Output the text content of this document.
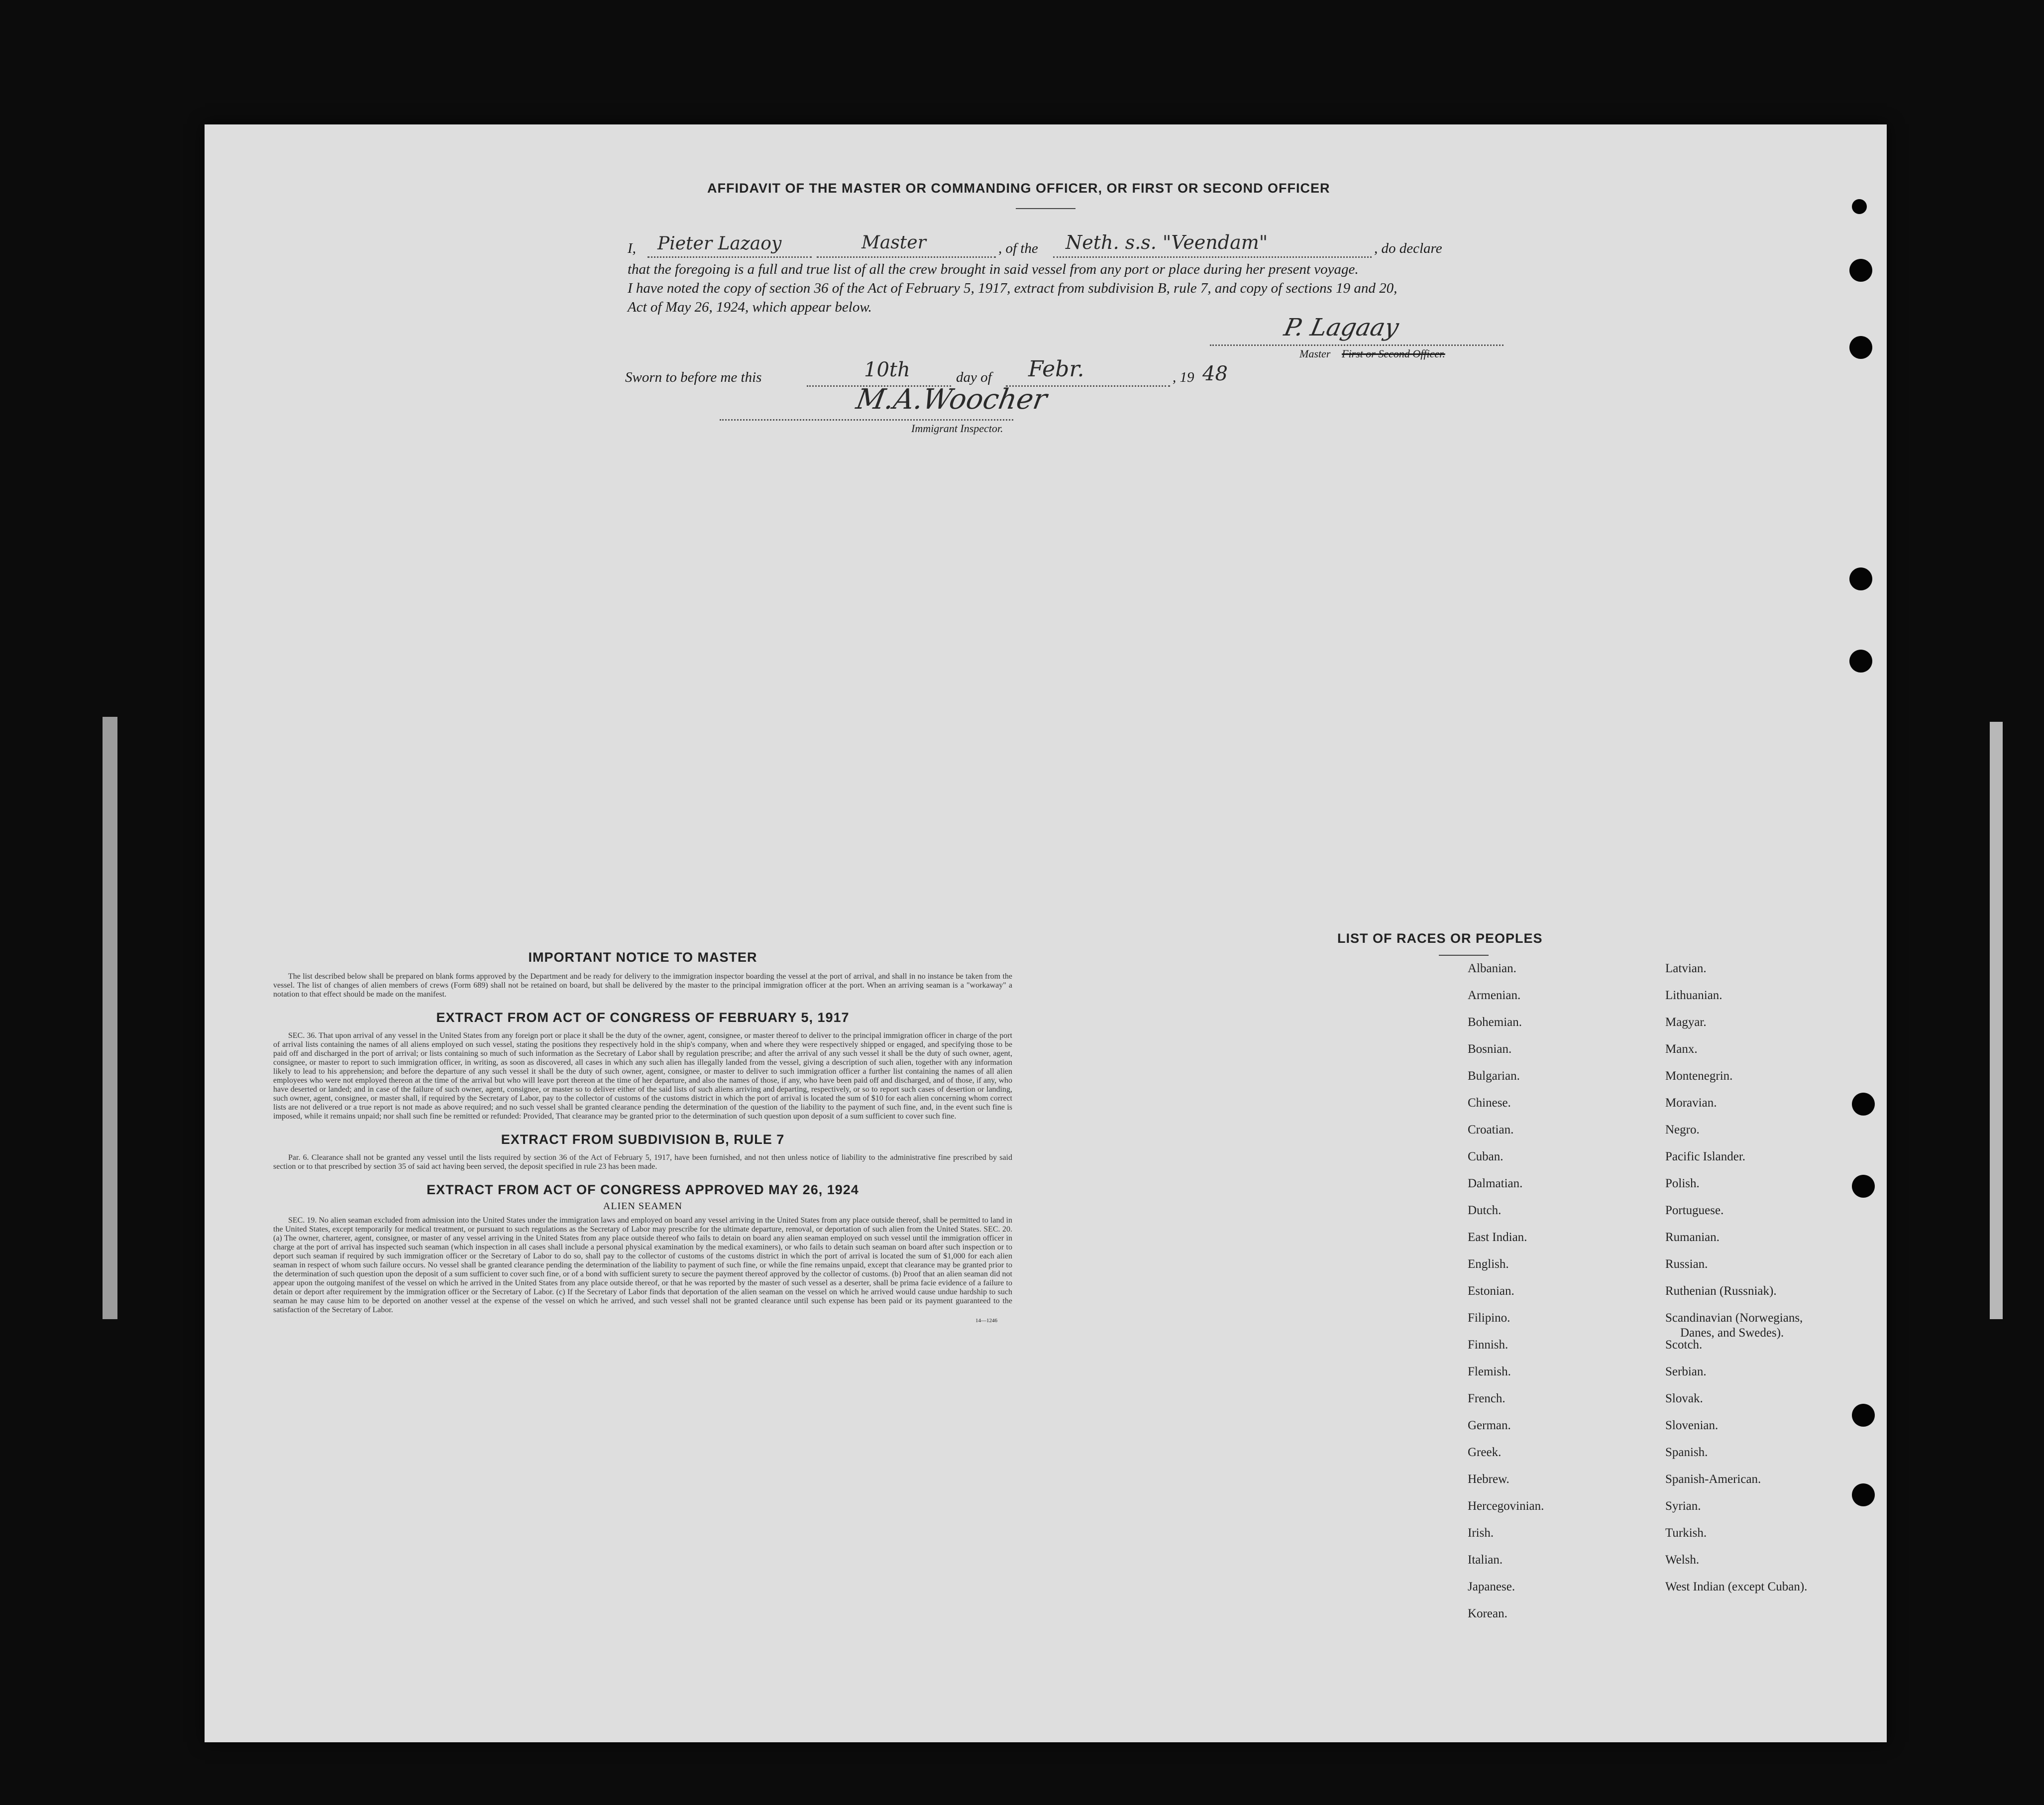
AFFIDAVIT OF THE MASTER OR COMMANDING OFFICER, OR FIRST OR SECOND OFFICER
I, Pieter Lazaoy	Master	, of the Neth. s.s. "Veendam"	, do declare
that the foregoing is a full and true list of all the crew brought in said vessel from any port or place during her present voyage.
I have noted the copy of section 36 of the Act of February 5, 1917, extract from subdivision B, rule 7, and copy of sections 19 and 20,
Act of May 26, 1924, which appear below.
P. Lagaay
Master First or Second Officer.
Sworn to before me this	10th	day of Febr.	, 19 48
M.A.Woocher
Immigrant Inspector.
IMPORTANT NOTICE TO MASTER

The list described below shall be prepared on blank forms approved by the Department and be ready for delivery to the immigration inspector boarding the vessel at the port of arrival, and shall in no instance be taken from the vessel. The list of changes of alien members of crews (Form 689) shall not be retained on board, but shall be delivered by the master to the principal immigration officer at the port. When an arriving seaman is a "workaway" a notation to that effect should be made on the manifest.

EXTRACT FROM ACT OF CONGRESS OF FEBRUARY 5, 1917

SEC. 36. That upon arrival of any vessel in the United States from any foreign port or place it shall be the duty of the owner, agent, consignee, or master thereof to deliver to the principal immigration officer in charge of the port of arrival lists containing the names of all aliens employed on such vessel, stating the positions they respectively hold in the ship's company, when and where they were respectively shipped or engaged, and specifying those to be paid off and discharged in the port of arrival; or lists containing so much of such information as the Secretary of Labor shall by regulation prescribe; and after the arrival of any such vessel it shall be the duty of such owner, agent, consignee, or master to report to such immigration officer, in writing, as soon as discovered, all cases in which any such alien has illegally landed from the vessel, giving a description of such alien, together with any information likely to lead to his apprehension; and before the departure of any such vessel it shall be the duty of such owner, agent, consignee, or master to deliver to such immigration officer a further list containing the names of all alien employees who were not employed thereon at the time of the arrival but who will leave port thereon at the time of her departure, and also the names of those, if any, who have been paid off and discharged, and of those, if any, who have deserted or landed; and in case of the failure of such owner, agent, consignee, or master so to deliver either of the said lists of such aliens arriving and departing, respectively, or so to report such cases of desertion or landing, such owner, agent, consignee, or master shall, if required by the Secretary of Labor, pay to the collector of customs of the customs district in which the port of arrival is located the sum of $10 for each alien concerning whom correct lists are not delivered or a true report is not made as above required; and no such vessel shall be granted clearance pending the determination of the question of the liability to the payment of such fine, and, in the event such fine is imposed, while it remains unpaid; nor shall such fine be remitted or refunded: Provided, That clearance may be granted prior to the determination of such question upon deposit of a sum sufficient to cover such fine.

EXTRACT FROM SUBDIVISION B, RULE 7

Par. 6. Clearance shall not be granted any vessel until the lists required by section 36 of the Act of February 5, 1917, have been furnished, and not then unless notice of liability to the administrative fine prescribed by said section or to that prescribed by section 35 of said act having been served, the deposit specified in rule 23 has been made.

EXTRACT FROM ACT OF CONGRESS APPROVED MAY 26, 1924
ALIEN SEAMEN

SEC. 19. No alien seaman excluded from admission into the United States under the immigration laws and employed on board any vessel arriving in the United States from any place outside thereof, shall be permitted to land in the United States, except temporarily for medical treatment, or pursuant to such regulations as the Secretary of Labor may prescribe for the ultimate departure, removal, or deportation of such alien from the United States. SEC. 20. (a) The owner, charterer, agent, consignee, or master of any vessel arriving in the United States from any place outside thereof who fails to detain on board any alien seaman employed on such vessel until the immigration officer in charge at the port of arrival has inspected such seaman (which inspection in all cases shall include a personal physical examination by the medical examiners), or who fails to detain such seaman on board after such inspection or to deport such seaman if required by such immigration officer or the Secretary of Labor to do so, shall pay to the collector of customs of the customs district in which the port of arrival is located the sum of $1,000 for each alien seaman in respect of whom such failure occurs. No vessel shall be granted clearance pending the determination of the liability to payment of such fine, or while the fine remains unpaid, except that clearance may be granted prior to the determination of such question upon the deposit of a sum sufficient to cover such fine, or of a bond with sufficient surety to secure the payment thereof approved by the collector of customs. (b) Proof that an alien seaman did not appear upon the outgoing manifest of the vessel on which he arrived in the United States from any place outside thereof, or that he was reported by the master of such vessel as a deserter, shall be prima facie evidence of a failure to detain or deport after requirement by the immigration officer or the Secretary of Labor. (c) If the Secretary of Labor finds that deportation of the alien seaman on the vessel on which he arrived would cause undue hardship to such seaman he may cause him to be deported on another vessel at the expense of the vessel on which he arrived, and such vessel shall not be granted clearance until such expense has been paid or its payment guaranteed to the satisfaction of the Secretary of Labor.

14—1246
LIST OF RACES OR PEOPLES
Albanian.
Armenian.
Bohemian.
Bosnian.
Bulgarian.
Chinese.
Croatian.
Cuban.
Dalmatian.
Dutch.
East Indian.
English.
Estonian.
Filipino.
Finnish.
Flemish.
French.
German.
Greek.
Hebrew.
Hercegovinian.
Irish.
Italian.
Japanese.
Korean.
Latvian.
Lithuanian.
Magyar.
Manx.
Montenegrin.
Moravian.
Negro.
Pacific Islander.
Polish.
Portuguese.
Rumanian.
Russian.
Ruthenian (Russniak).
Scandinavian (Norwegians,
Danes, and Swedes).
Scotch.
Serbian.
Slovak.
Slovenian.
Spanish.
Spanish-American.
Syrian.
Turkish.
Welsh.
West Indian (except Cuban).
